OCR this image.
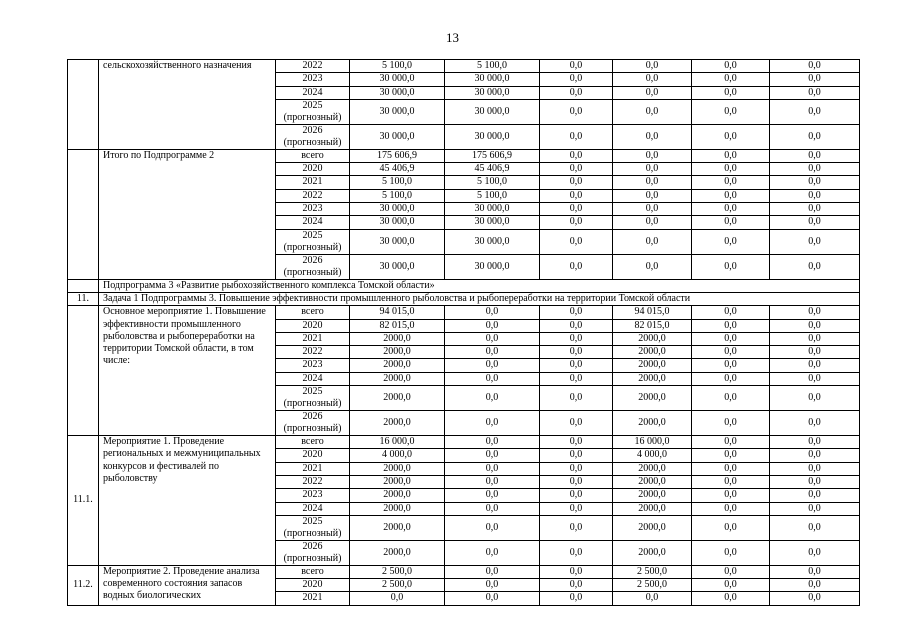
13
	сельскохозяйственного назначения	2022	5 100,0	5 100,0	0,0	0,0	0,0	0,0
		2023	30 000,0	30 000,0	0,0	0,0	0,0	0,0
		2024	30 000,0	30 000,0	0,0	0,0	0,0	0,0
		2025
(прогнозный)	30 000,0	30 000,0	0,0	0,0	0,0	0,0
		2026
(прогнозный)	30 000,0	30 000,0	0,0	0,0	0,0	0,0
	Итого по Подпрограмме 2	всего	175 606,9	175 606,9	0,0	0,0	0,0	0,0
		2020	45 406,9	45 406,9	0,0	0,0	0,0	0,0
		2021	5 100,0	5 100,0	0,0	0,0	0,0	0,0
		2022	5 100,0	5 100,0	0,0	0,0	0,0	0,0
		2023	30 000,0	30 000,0	0,0	0,0	0,0	0,0
		2024	30 000,0	30 000,0	0,0	0,0	0,0	0,0
		2025
(прогнозный)	30 000,0	30 000,0	0,0	0,0	0,0	0,0
		2026
(прогнозный)	30 000,0	30 000,0	0,0	0,0	0,0	0,0
	Подпрограмма 3 «Развитие рыбохозяйственного комплекса Томской области»							
11.	Задача 1 Подпрограммы 3. Повышение эффективности промышленного рыболовства и рыбопереработки на территории Томской области							
	Основное мероприятие 1. Повышение эффективности промышленного рыболовства и рыбопереработки на территории Томской области, в том числе:	всего	94 015,0	0,0	0,0	94 015,0	0,0	0,0
		2020	82 015,0	0,0	0,0	82 015,0	0,0	0,0
		2021	2000,0	0,0	0,0	2000,0	0,0	0,0
		2022	2000,0	0,0	0,0	2000,0	0,0	0,0
		2023	2000,0	0,0	0,0	2000,0	0,0	0,0
		2024	2000,0	0,0	0,0	2000,0	0,0	0,0
		2025
(прогнозный)	2000,0	0,0	0,0	2000,0	0,0	0,0
		2026
(прогнозный)	2000,0	0,0	0,0	2000,0	0,0	0,0
11.1.	Мероприятие 1. Проведение региональных и межмуниципальных конкурсов и фестивалей по рыболовству	всего	16 000,0	0,0	0,0	16 000,0	0,0	0,0
		2020	4 000,0	0,0	0,0	4 000,0	0,0	0,0
		2021	2000,0	0,0	0,0	2000,0	0,0	0,0
		2022	2000,0	0,0	0,0	2000,0	0,0	0,0
		2023	2000,0	0,0	0,0	2000,0	0,0	0,0
		2024	2000,0	0,0	0,0	2000,0	0,0	0,0
		2025
(прогнозный)	2000,0	0,0	0,0	2000,0	0,0	0,0
		2026
(прогнозный)	2000,0	0,0	0,0	2000,0	0,0	0,0
11.2.	Мероприятие 2. Проведение анализа современного состояния запасов водных биологических	всего	2 500,0	0,0	0,0	2 500,0	0,0	0,0
		2020	2 500,0	0,0	0,0	2 500,0	0,0	0,0
		2021	0,0	0,0	0,0	0,0	0,0	0,0
